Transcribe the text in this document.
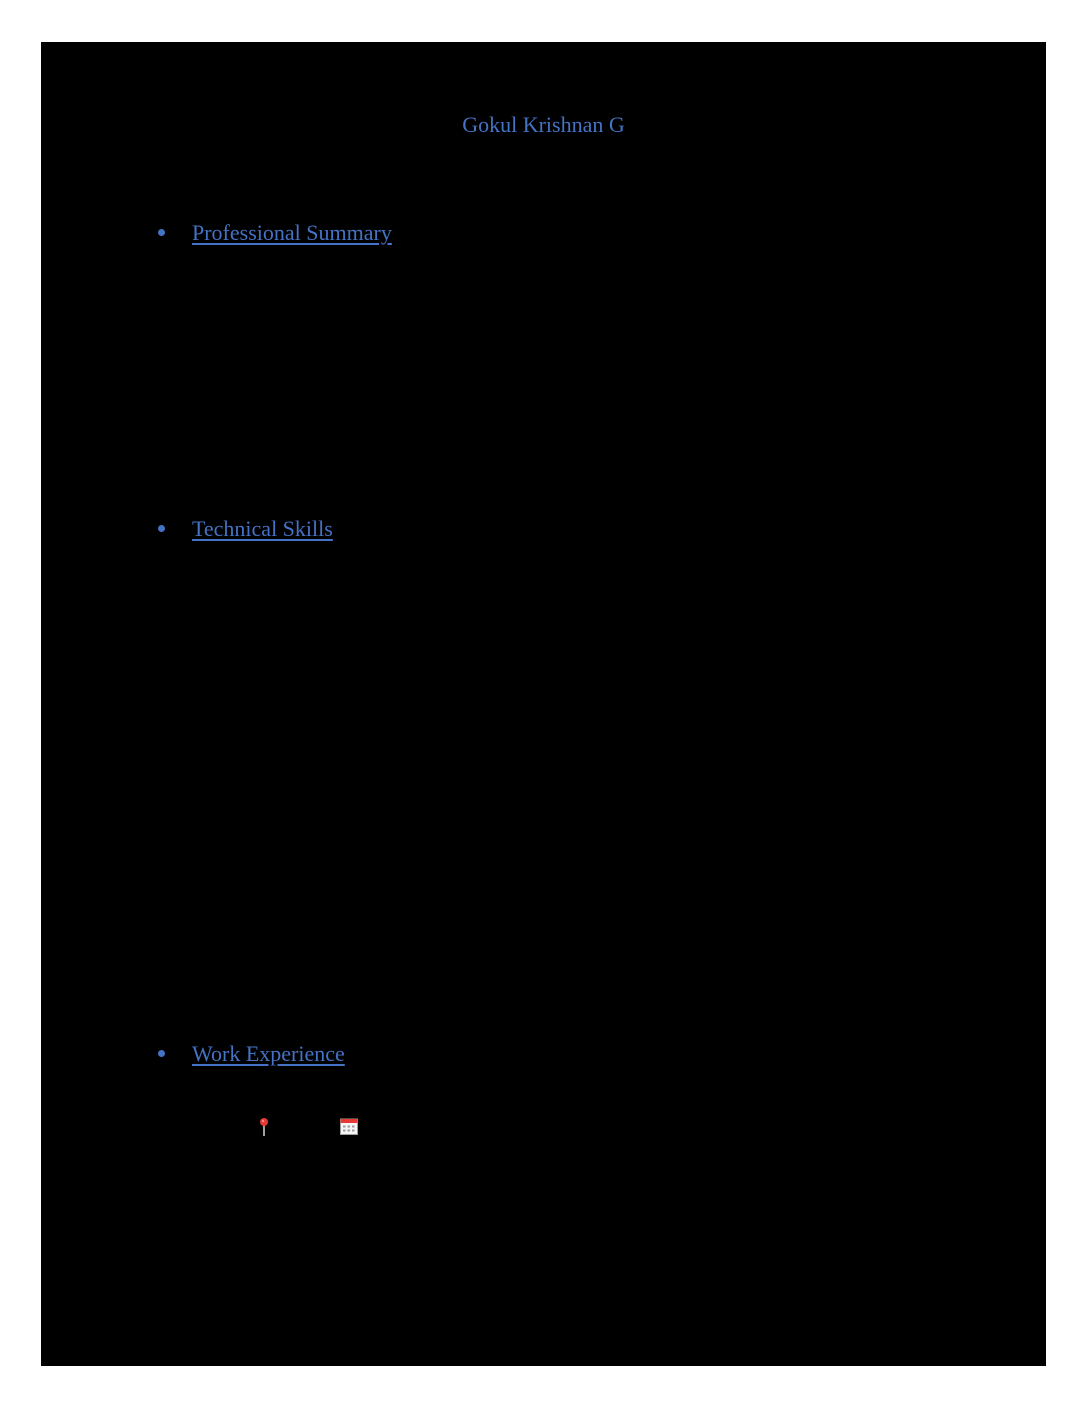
Gokul Krishnan G
Professional Summary
o Mechanical Design Engineer with hands-on experience in SolidWorks, Creo Completed a 6- month internship at NCR Corporation focusing on inventory management and shop floor coordination. And know about basic ERP tools (Oracle). In ULTIMASIGN TECHNOLOGIES Skilled in 3D modeling, and team-based design projects. Passionate about building efficient, sustainable, and practical engineering solutions.
Technical Skills
o CAD Tools
CREO – (Part design,Assembly Design,Surface Design,Sheetmetal design,Drafting)
CATIA V5 – (Part Design,Assembly Design,Surface Design, Sheetmetal Design ,Drafting)
SOLIDWORKS – (Part Design,Assembly Design,Surface Design, Sheetmetal Design,Drafting)
AUTOCAD – (2D,Isometric)
o CAM Tools
MASTERCAM – (2D,3D,LATHE)
o CAE Tools
HYPERMESH – 2d shell mesh
ANSYS WORKBENCH
Work Experience
